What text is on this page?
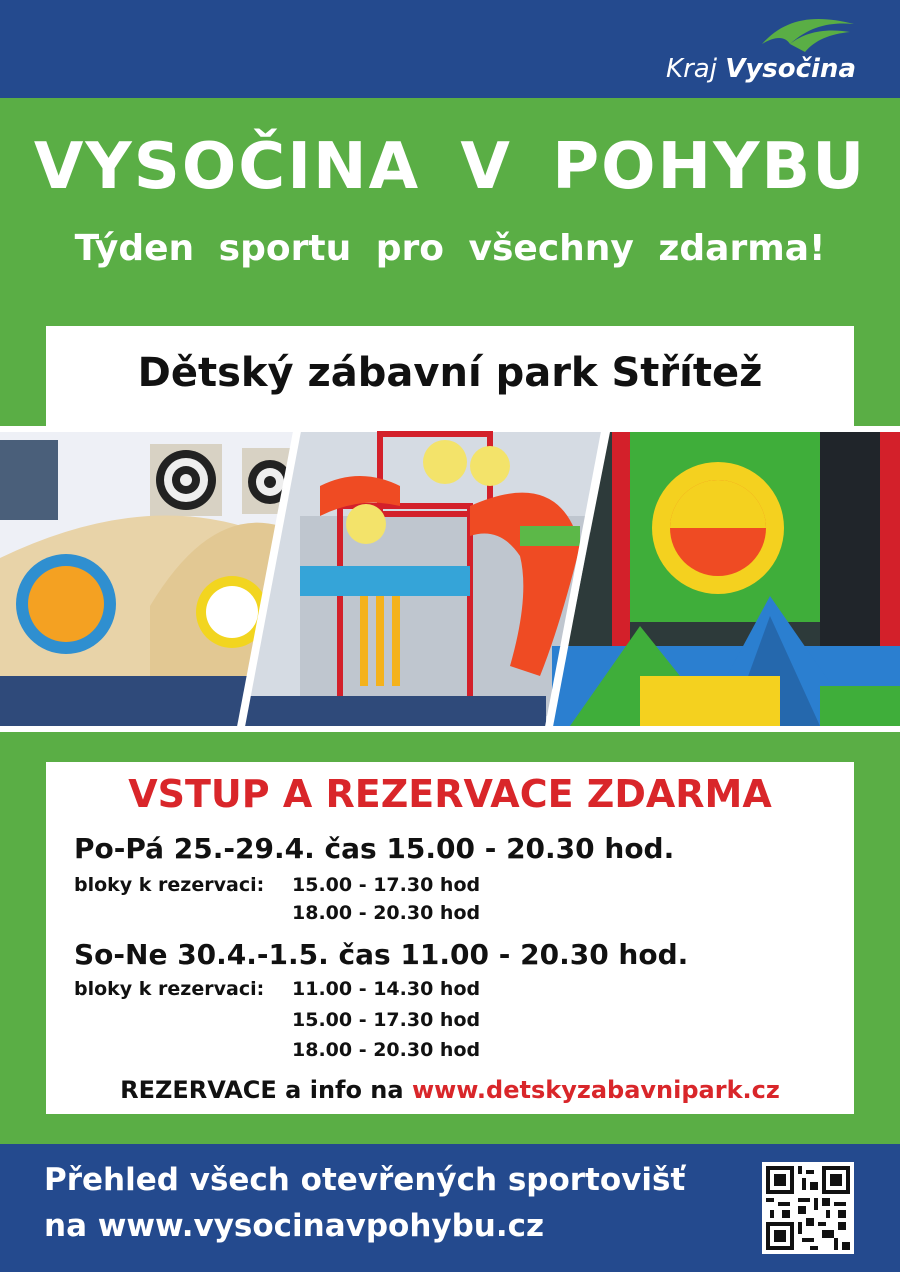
Kraj Vysočina
VYSOČINA V POHYBU
Týden sportu pro všechny zdarma!
Dětský zábavní park Střítež
VSTUP A REZERVACE ZDARMA
Po-Pá 25.-29.4. čas 15.00 - 20.30 hod.
bloky k rezervaci: 15.00 - 17.30 hod
18.00 - 20.30 hod
So-Ne 30.4.-1.5. čas 11.00 - 20.30 hod.
bloky k rezervaci: 11.00 - 14.30 hod
15.00 - 17.30 hod
18.00 - 20.30 hod
REZERVACE a info na www.detskyzabavnipark.cz
Přehled všech otevřených sportovišť
na www.vysocinavpohybu.cz
